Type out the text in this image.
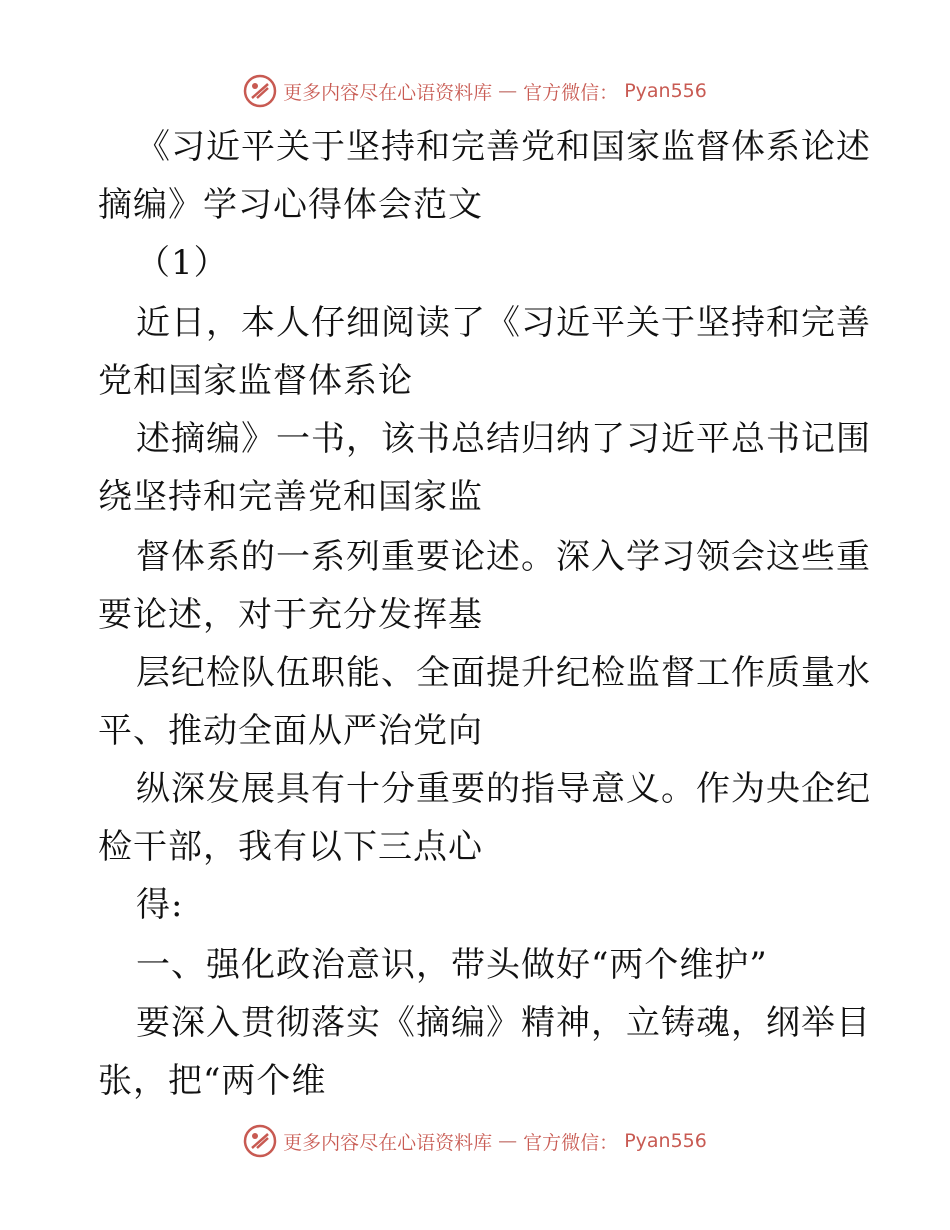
更多内容尽在心语资料库 — 官方微信： Pyan556
《习近平关于坚持和完善党和国家监督体系论述
摘编》学习心得体会范文
（1）
近日，本人仔细阅读了《习近平关于坚持和完善
党和国家监督体系论
述摘编》一书，该书总结归纳了习近平总书记围
绕坚持和完善党和国家监
督体系的一系列重要论述。深入学习领会这些重
要论述，对于充分发挥基
层纪检队伍职能、全面提升纪检监督工作质量水
平、推动全面从严治党向
纵深发展具有十分重要的指导意义。作为央企纪
检干部，我有以下三点心
得:
一、强化政治意识，带头做好“两个维护”
要深入贯彻落实《摘编》精神，立铸魂，纲举目
张，把“两个维
更多内容尽在心语资料库 — 官方微信： Pyan556
